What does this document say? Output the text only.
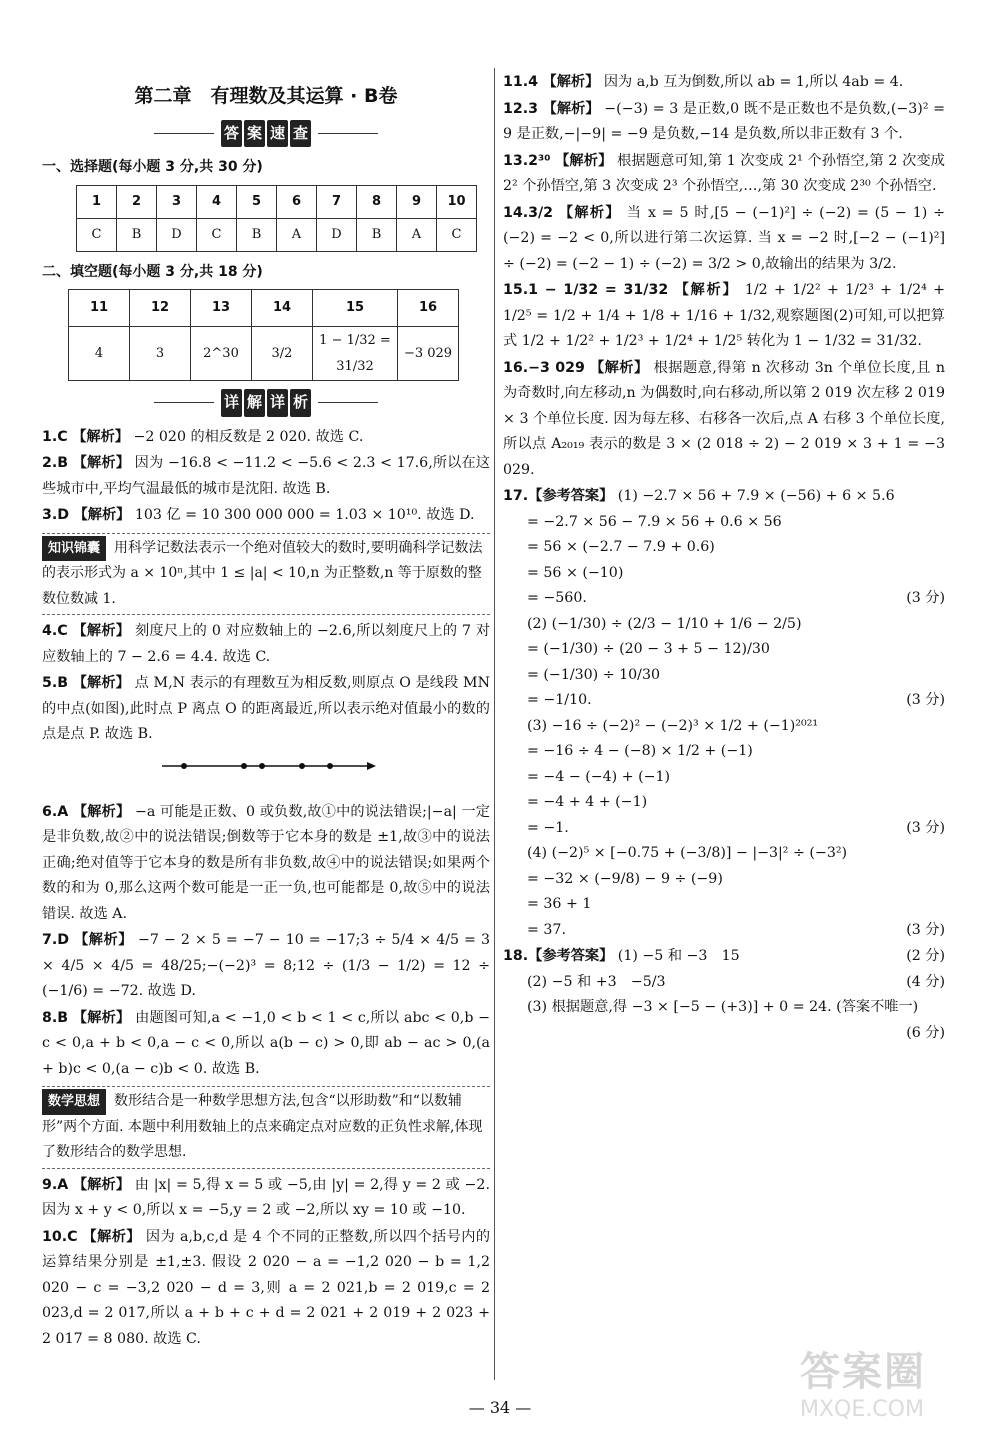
第二章　有理数及其运算 · B卷
答 案 速 查
一、选择题(每小题 3 分,共 30 分)
1	2	3	4	5	6	7	8	9	10
C	B	D	C	B	A	D	B	A	C
二、填空题(每小题 3 分,共 18 分)
11	12	13	14	15	16
4	3	2^30	3/2	1 − 1/32 = 31/32	−3 029
详 解 详 析
1.C 【解析】 −2 020 的相反数是 2 020. 故选 C.
2.B 【解析】 因为 −16.8 < −11.2 < −5.6 < 2.3 < 17.6,所以在这些城市中,平均气温最低的城市是沈阳. 故选 B.
3.D 【解析】 103 亿 = 10 300 000 000 = 1.03 × 10¹⁰. 故选 D.
知识锦囊 用科学记数法表示一个绝对值较大的数时,要明确科学记数法的表示形式为 a × 10ⁿ,其中 1 ≤ |a| < 10,n 为正整数,n 等于原数的整数位数减 1.
4.C 【解析】 刻度尺上的 0 对应数轴上的 −2.6,所以刻度尺上的 7 对应数轴上的 7 − 2.6 = 4.4. 故选 C.
5.B 【解析】 点 M,N 表示的有理数互为相反数,则原点 O 是线段 MN 的中点(如图),此时点 P 离点 O 的距离最近,所以表示绝对值最小的数的点是点 P. 故选 B.
6.A 【解析】 −a 可能是正数、0 或负数,故①中的说法错误;|−a| 一定是非负数,故②中的说法错误;倒数等于它本身的数是 ±1,故③中的说法正确;绝对值等于它本身的数是所有非负数,故④中的说法错误;如果两个数的和为 0,那么这两个数可能是一正一负,也可能都是 0,故⑤中的说法错误. 故选 A.
7.D 【解析】 −7 − 2 × 5 = −7 − 10 = −17;3 ÷ 5/4 × 4/5 = 3 × 4/5 × 4/5 = 48/25;−(−2)³ = 8;12 ÷ (1/3 − 1/2) = 12 ÷ (−1/6) = −72. 故选 D.
8.B 【解析】 由题图可知,a < −1,0 < b < 1 < c,所以 abc < 0,b − c < 0,a + b < 0,a − c < 0,所以 a(b − c) > 0,即 ab − ac > 0,(a + b)c < 0,(a − c)b < 0. 故选 B.
数学思想 数形结合是一种数学思想方法,包含“以形助数”和“以数辅形”两个方面. 本题中利用数轴上的点来确定点对应数的正负性求解,体现了数形结合的数学思想.
9.A 【解析】 由 |x| = 5,得 x = 5 或 −5,由 |y| = 2,得 y = 2 或 −2. 因为 x + y < 0,所以 x = −5,y = 2 或 −2,所以 xy = 10 或 −10.
10.C 【解析】 因为 a,b,c,d 是 4 个不同的正整数,所以四个括号内的运算结果分别是 ±1,±3. 假设 2 020 − a = −1,2 020 − b = 1,2 020 − c = −3,2 020 − d = 3,则 a = 2 021,b = 2 019,c = 2 023,d = 2 017,所以 a + b + c + d = 2 021 + 2 019 + 2 023 + 2 017 = 8 080. 故选 C.
11.4 【解析】 因为 a,b 互为倒数,所以 ab = 1,所以 4ab = 4.
12.3 【解析】 −(−3) = 3 是正数,0 既不是正数也不是负数,(−3)² = 9 是正数,−|−9| = −9 是负数,−14 是负数,所以非正数有 3 个.
13.2³⁰ 【解析】 根据题意可知,第 1 次变成 2¹ 个孙悟空,第 2 次变成 2² 个孙悟空,第 3 次变成 2³ 个孙悟空,…,第 30 次变成 2³⁰ 个孙悟空.
14.3/2 【解析】 当 x = 5 时,[5 − (−1)²] ÷ (−2) = (5 − 1) ÷ (−2) = −2 < 0,所以进行第二次运算. 当 x = −2 时,[−2 − (−1)²] ÷ (−2) = (−2 − 1) ÷ (−2) = 3/2 > 0,故输出的结果为 3/2.
15.1 − 1/32 = 31/32 【解析】 1/2 + 1/2² + 1/2³ + 1/2⁴ + 1/2⁵ = 1/2 + 1/4 + 1/8 + 1/16 + 1/32,观察题图(2)可知,可以把算式 1/2 + 1/2² + 1/2³ + 1/2⁴ + 1/2⁵ 转化为 1 − 1/32 = 31/32.
16.−3 029 【解析】 根据题意,得第 n 次移动 3n 个单位长度,且 n 为奇数时,向左移动,n 为偶数时,向右移动,所以第 2 019 次左移 2 019 × 3 个单位长度. 因为每左移、右移各一次后,点 A 右移 3 个单位长度,所以点 A₂₀₁₉ 表示的数是 3 × (2 018 ÷ 2) − 2 019 × 3 + 1 = −3 029.
17.【参考答案】 (1) −2.7 × 56 + 7.9 × (−56) + 6 × 5.6
= −2.7 × 56 − 7.9 × 56 + 0.6 × 56
= 56 × (−2.7 − 7.9 + 0.6)
= 56 × (−10)
= −560.	(3 分)
(2) (−1/30) ÷ (2/3 − 1/10 + 1/6 − 2/5)
= (−1/30) ÷ (20 − 3 + 5 − 12)/30
= (−1/30) ÷ 10/30
= −1/10.	(3 分)
(3) −16 ÷ (−2)² − (−2)³ × 1/2 + (−1)²⁰²¹
= −16 ÷ 4 − (−8) × 1/2 + (−1)
= −4 − (−4) + (−1)
= −4 + 4 + (−1)
= −1.	(3 分)
(4) (−2)⁵ × [−0.75 + (−3/8)] − |−3|² ÷ (−3²)
= −32 × (−9/8) − 9 ÷ (−9)
= 36 + 1
= 37.	(3 分)
18.【参考答案】 (1) −5 和 −3　15	(2 分)
(2) −5 和 +3　−5/3	(4 分)
(3) 根据题意,得 −3 × [−5 − (+3)] + 0 = 24. (答案不唯一)
(6 分)
— 34 —
答案圈
MXQE.COM
